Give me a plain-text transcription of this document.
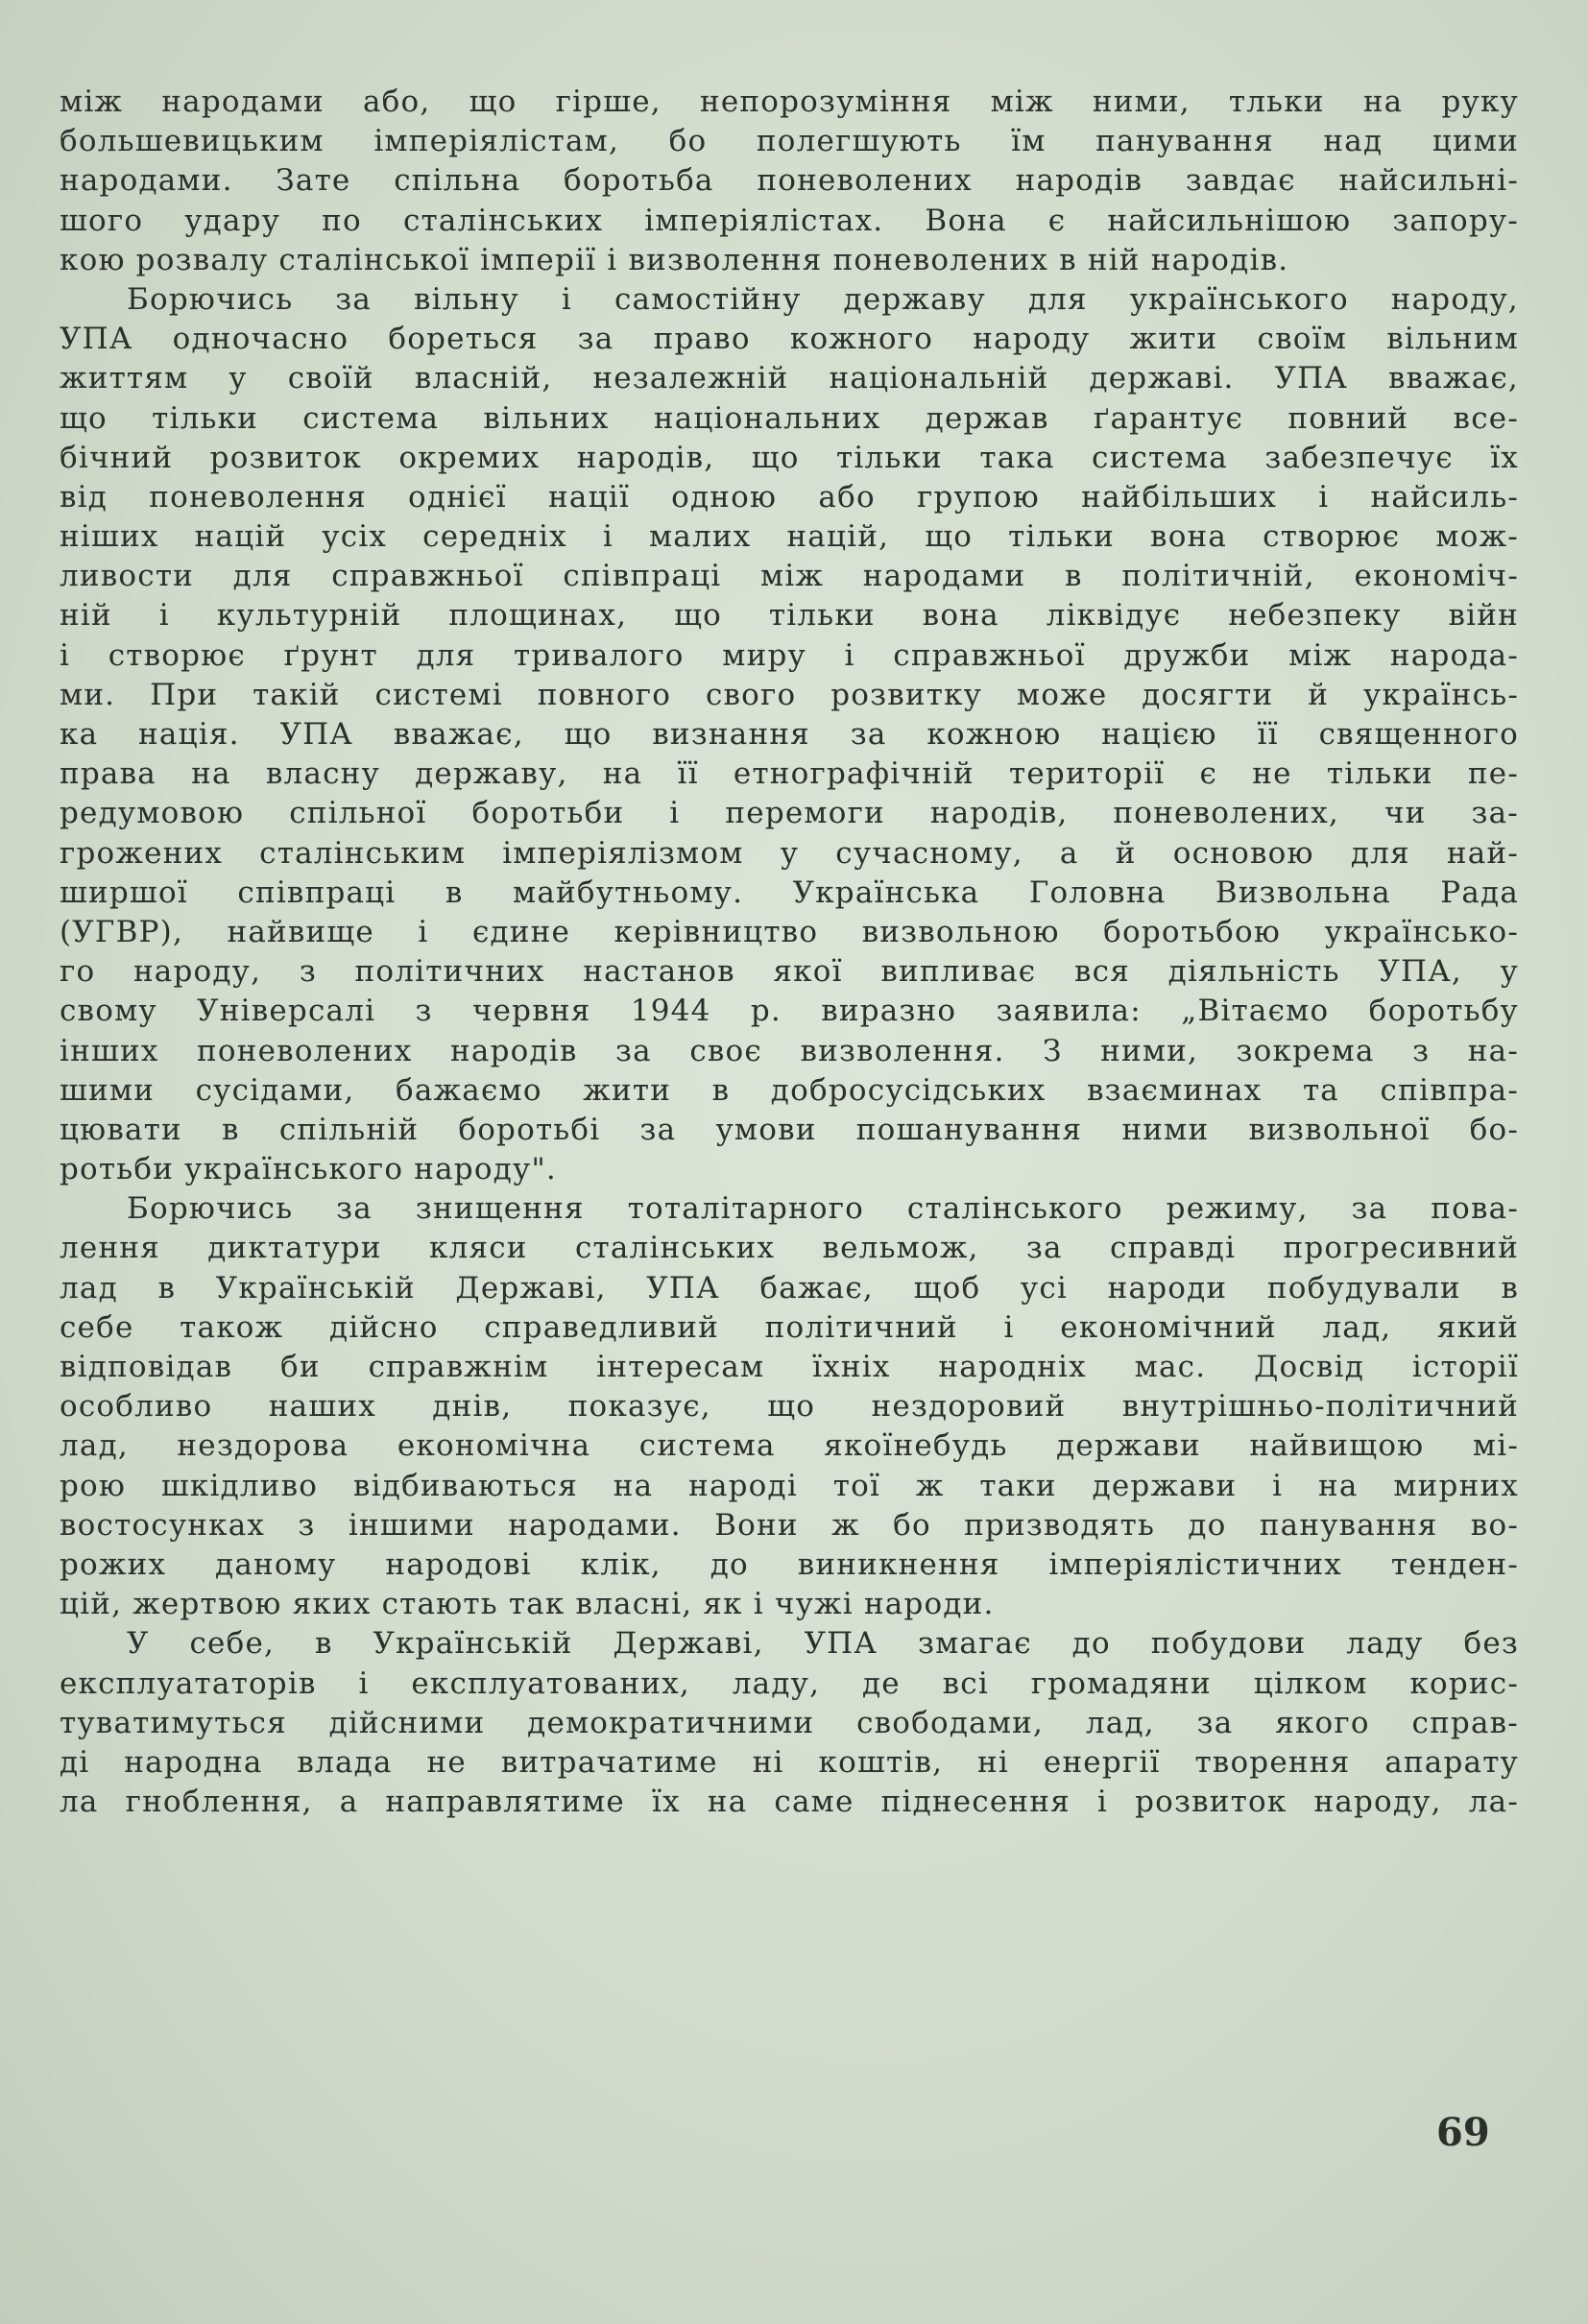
між народами або, що гірше, непорозуміння між ними, тльки на руку
большевицьким імперіялістам, бо полегшують їм панування над цими
народами. Зате спільна боротьба поневолених народів завдає найсильні-
шого удару по сталінських імперіялістах. Вона є найсильнішою запору-
кою розвалу сталінської імперії і визволення поневолених в ній народів.
Борючись за вільну і самостійну державу для українського народу,
УПА одночасно бореться за право кожного народу жити своїм вільним
життям у своїй власній, незалежній національній державі. УПА вважає,
що тільки система вільних національних держав ґарантує повний все-
бічний розвиток окремих народів, що тільки така система забезпечує їх
від поневолення однієї нації одною або групою найбільших і найсиль-
ніших націй усіх середніх і малих націй, що тільки вона створює мож-
ливости для справжньої співпраці між народами в політичній, економіч-
ній і культурній площинах, що тільки вона ліквідує небезпеку війн
і створює ґрунт для тривалого миру і справжньої дружби між народа-
ми. При такій системі повного свого розвитку може досягти й українсь-
ка нація. УПА вважає, що визнання за кожною нацією її священного
права на власну державу, на її етнографічній території є не тільки пе-
редумовою спільної боротьби і перемоги народів, поневолених, чи за-
грожених сталінським імперіялізмом у сучасному, а й основою для най-
ширшої співпраці в майбутньому. Українська Головна Визвольна Рада
(УГВР), найвище і єдине керівництво визвольною боротьбою українсько-
го народу, з політичних настанов якої випливає вся діяльність УПА, у
свому Універсалі з червня 1944 р. виразно заявила: „Вітаємо боротьбу
інших поневолених народів за своє визволення. З ними, зокрема з на-
шими сусідами, бажаємо жити в добросусідських взаєминах та співпра-
цювати в спільній боротьбі за умови пошанування ними визвольної бо-
ротьби українського народу".
Борючись за знищення тоталітарного сталінського режиму, за пова-
лення диктатури кляси сталінських вельмож, за справді прогресивний
лад в Українській Державі, УПА бажає, щоб усі народи побудували в
себе також дійсно справедливий політичний і економічний лад, який
відповідав би справжнім інтересам їхніх народніх мас. Досвід історії
особливо наших днів, показує, що нездоровий внутрішньо-політичний
лад, нездорова економічна система якоїнебудь держави найвищою мі-
рою шкідливо відбиваються на народі тої ж таки держави і на мирних
востосунках з іншими народами. Вони ж бо призводять до панування во-
рожих даному народові клік, до виникнення імперіялістичних тенден-
цій, жертвою яких стають так власні, як і чужі народи.
У себе, в Українській Державі, УПА змагає до побудови ладу без
експлуататорів і експлуатованих, ладу, де всі громадяни цілком корис-
туватимуться дійсними демократичними свободами, лад, за якого справ-
ді народна влада не витрачатиме ні коштів, ні енергії творення апарату
ла гноблення, а направлятиме їх на саме піднесення і розвиток народу, ла-
69
